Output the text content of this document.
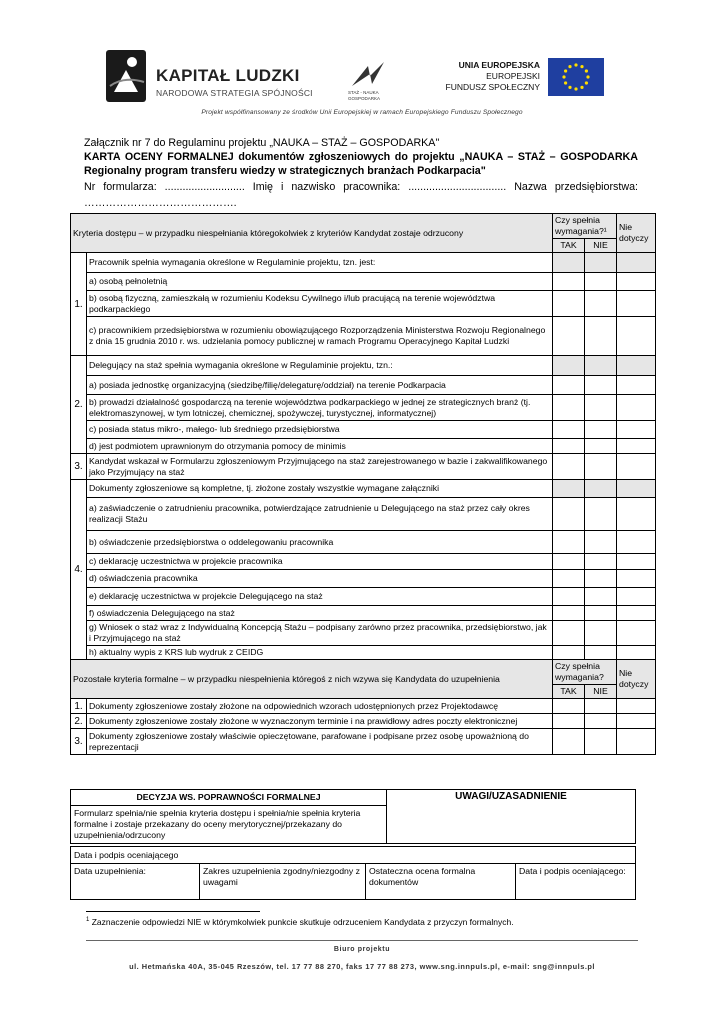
KAPITAŁ LUDZKI
NARODOWA STRATEGIA SPÓJNOŚCI	STAŻ - NAUKA
GOSPODARKA
UNIA EUROPEJSKA
EUROPEJSKI
FUNDUSZ SPOŁECZNY
Projekt współfinansowany ze środków Unii Europejskiej w ramach Europejskiego Funduszu Społecznego
Załącznik nr 7 do Regulaminu projektu „NAUKA – STAŻ – GOSPODARKA"
KARTA OCENY FORMALNEJ dokumentów zgłoszeniowych do projektu „NAUKA – STAŻ – GOSPODARKA
Regionalny program transferu wiedzy w strategicznych branżach Podkarpacia"
Nr formularza: ........................... Imię i nazwisko pracownika: ................................. Nazwa przedsiębiorstwa:
…………………………………….
Kryteria dostępu – w przypadku niespełniania któregokolwiek z kryteriów Kandydat zostaje odrzucony		Czy spełnia wymagania?¹		Nie dotyczy
		TAK	NIE	
1.	Pracownik spełnia wymagania określone w Regulaminie projektu, tzn. jest:			
	a) osobą pełnoletnią			
	b) osobą fizyczną, zamieszkałą w rozumieniu Kodeksu Cywilnego i/lub pracującą na terenie województwa podkarpackiego			
	c) pracownikiem przedsiębiorstwa w rozumieniu obowiązującego Rozporządzenia Ministerstwa Rozwoju Regionalnego z dnia 15 grudnia 2010 r. ws. udzielania pomocy publicznej w ramach Programu Operacyjnego Kapitał Ludzki			
2.	Delegujący na staż spełnia wymagania określone w Regulaminie projektu, tzn.:			
	a) posiada jednostkę organizacyjną (siedzibę/filię/delegaturę/oddział) na terenie Podkarpacia			
	b) prowadzi działalność gospodarczą na terenie województwa podkarpackiego w jednej ze strategicznych branż (tj. elektromaszynowej, w tym lotniczej, chemicznej, spożywczej, turystycznej, informatycznej)			
	c) posiada status mikro-, małego- lub średniego przedsiębiorstwa			
	d) jest podmiotem uprawnionym do otrzymania pomocy de minimis			
3.	Kandydat wskazał w Formularzu zgłoszeniowym Przyjmującego na staż zarejestrowanego w bazie i zakwalifikowanego jako Przyjmujący na staż			
4.	Dokumenty zgłoszeniowe są kompletne, tj. złożone zostały wszystkie wymagane załączniki			
	a) zaświadczenie o zatrudnieniu pracownika, potwierdzające zatrudnienie u Delegującego na staż przez cały okres realizacji Stażu			
	b) oświadczenie przedsiębiorstwa o oddelegowaniu pracownika			
	c) deklarację uczestnictwa w projekcie pracownika			
	d) oświadczenia pracownika			
	e) deklarację uczestnictwa w projekcie Delegującego na staż			
	f) oświadczenia Delegującego na staż			
	g) Wniosek o staż wraz z Indywidualną Koncepcją Stażu – podpisany zarówno przez pracownika, przedsiębiorstwo, jak i Przyjmującego na staż			
	h) aktualny wypis z KRS lub wydruk z CEIDG			
Pozostałe kryteria formalne – w przypadku niespełnienia któregoś z nich wzywa się Kandydata do uzupełnienia		Czy spełnia wymagania?		Nie dotyczy
		TAK	NIE	
1.	Dokumenty zgłoszeniowe zostały złożone na odpowiednich wzorach udostępnionych przez Projektodawcę			
2.	Dokumenty zgłoszeniowe zostały złożone w wyznaczonym terminie i na prawidłowy adres poczty elektronicznej			
3.	Dokumenty zgłoszeniowe zostały właściwie opieczętowane, parafowane i podpisane przez osobę upoważnioną do reprezentacji			
DECYZJA WS. POPRAWNOŚCI FORMALNEJ	UWAGI/UZASADNIENIE
Formularz spełnia/nie spełnia kryteria dostępu i spełnia/nie spełnia kryteria formalne i zostaje przekazany do oceny merytorycznej/przekazany do uzupełnienia/odrzucony
Data i podpis oceniającego
Data uzupełnienia:	Zakres uzupełnienia zgodny/niezgodny z uwagami	Ostateczna ocena formalna dokumentów	Data i podpis oceniającego:
$^1$ Zaznaczenie odpowiedzi NIE w którymkolwiek punkcie skutkuje odrzuceniem Kandydata z przyczyn formalnych.
Biuro projektu
ul. Hetmańska 40A, 35-045 Rzeszów, tel. 17 77 88 270, faks 17 77 88 273, www.sng.innpuls.pl, e-mail: sng@innpuls.pl
